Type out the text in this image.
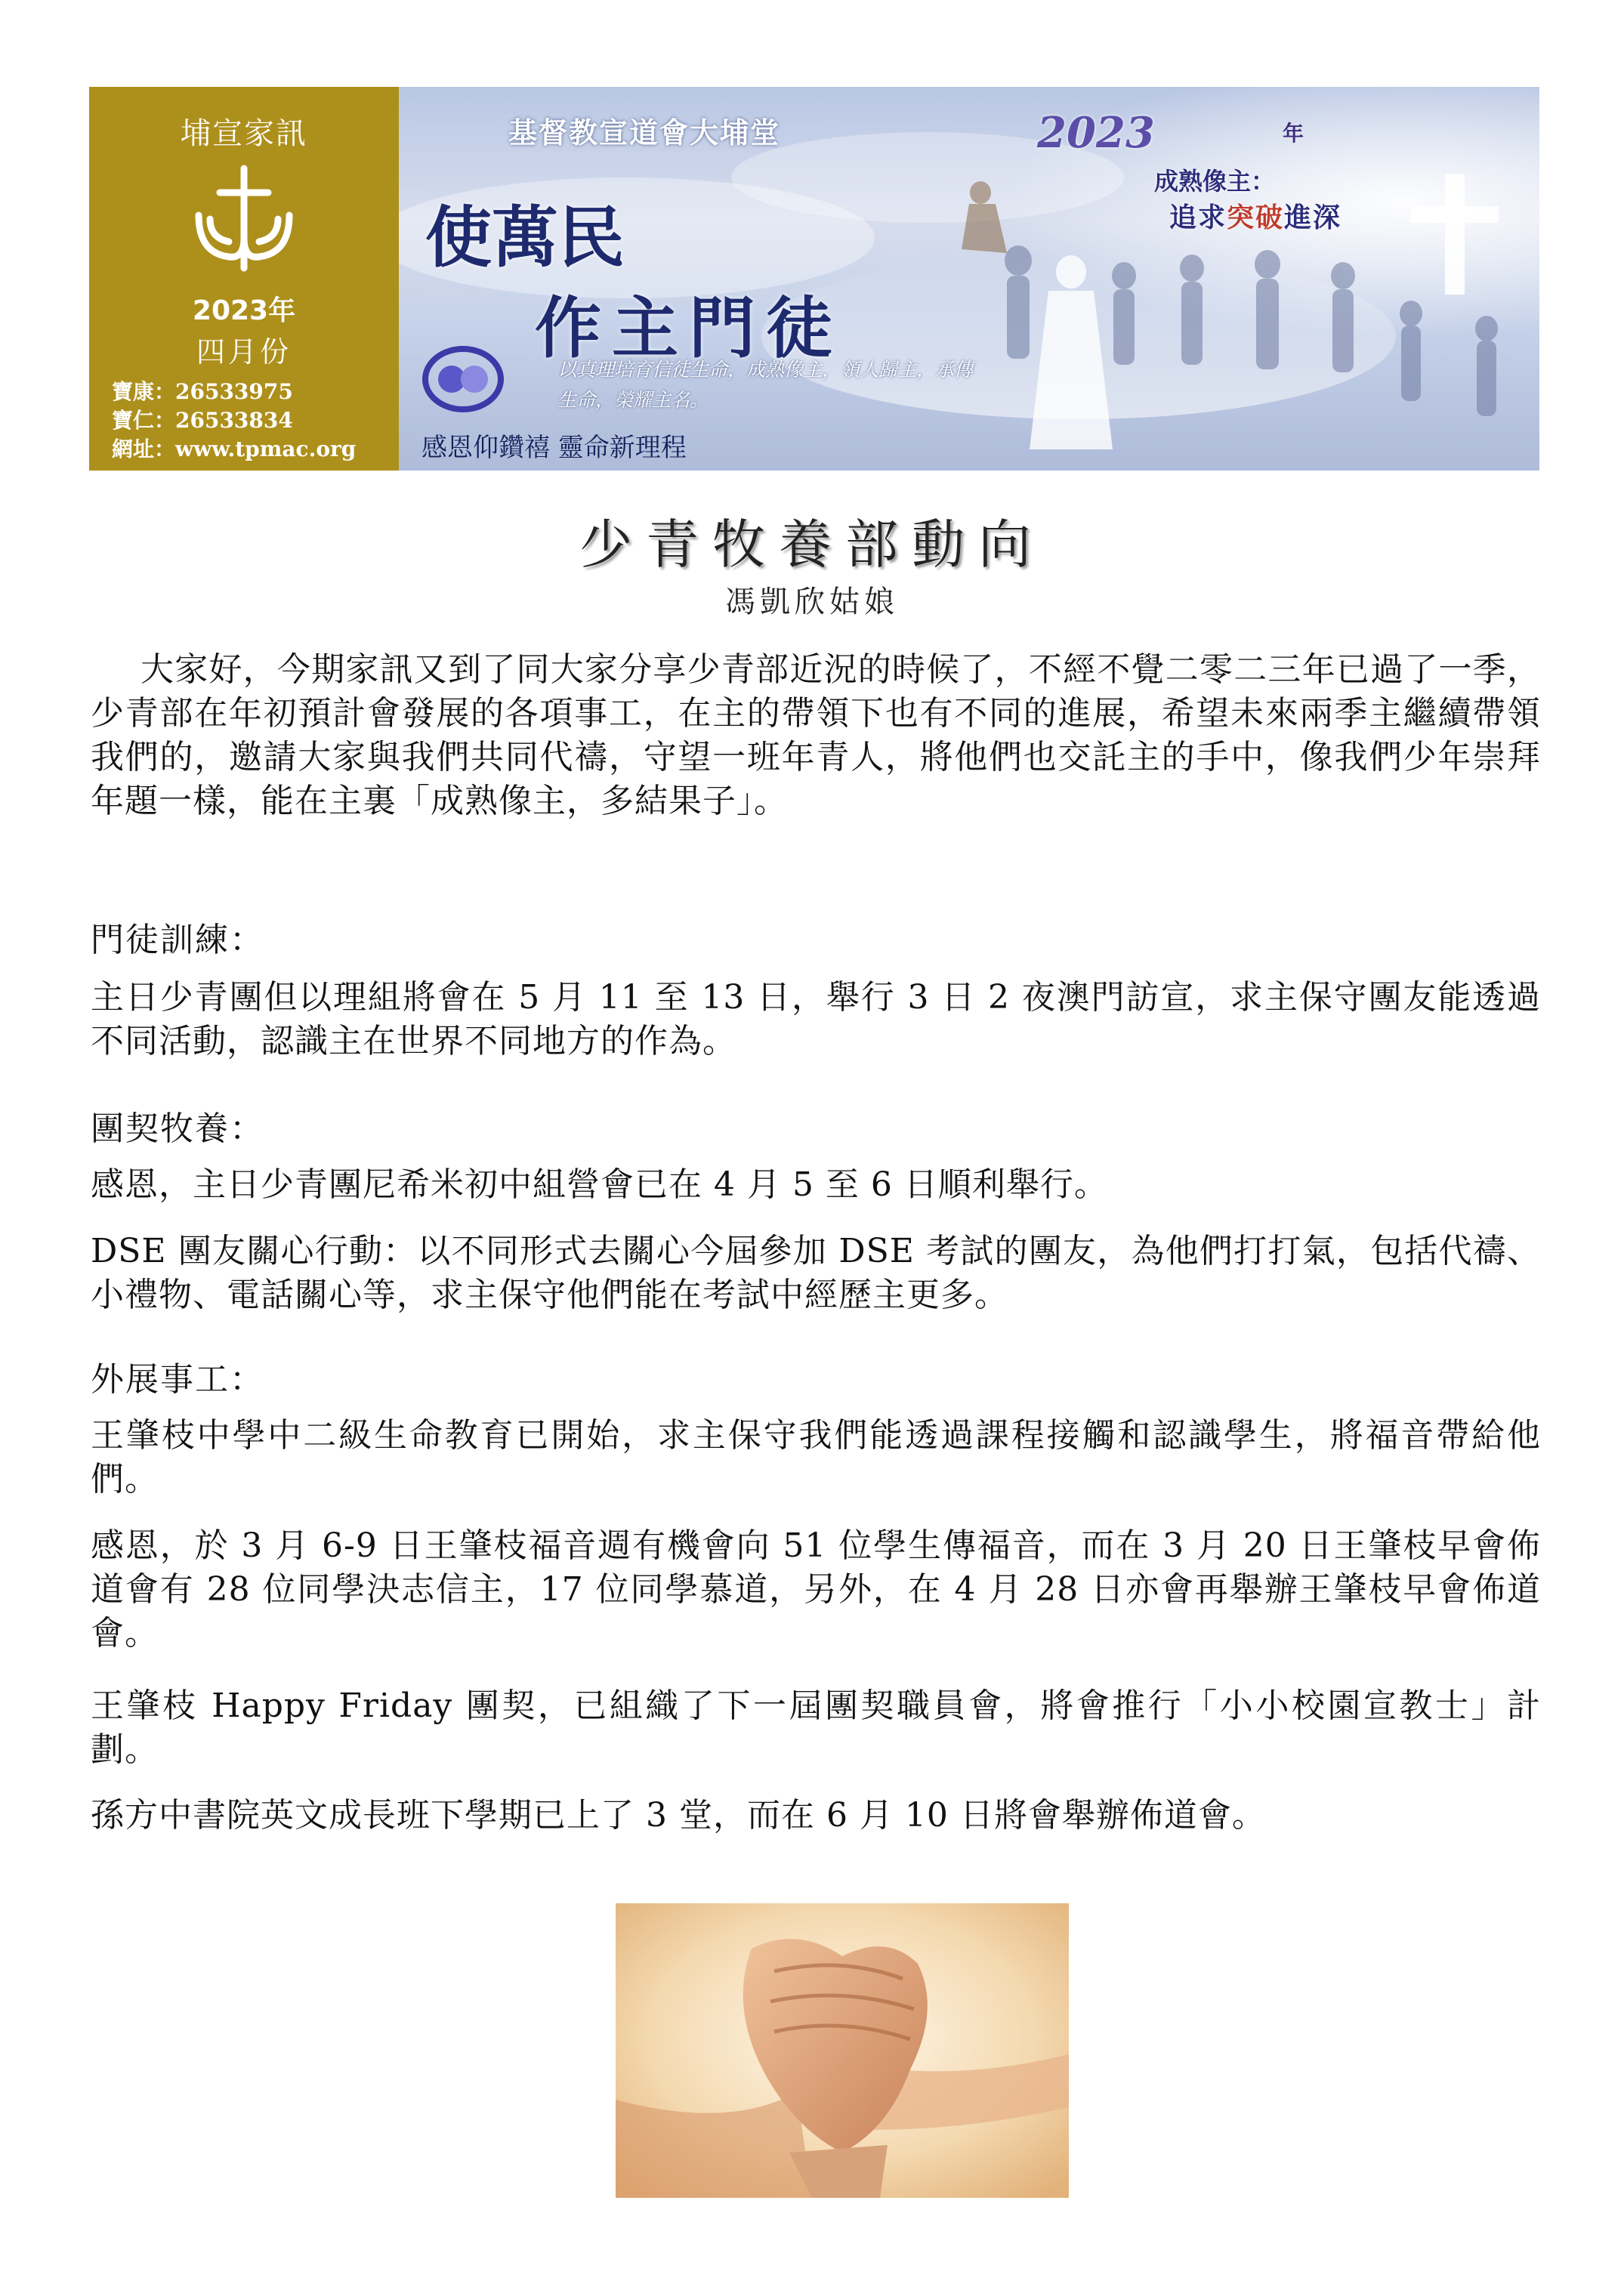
埔宣家訊
2023年
四月份
寶康：26533975
寶仁：26533834
網址：www.tpmac.org
基督教宣道會大埔堂
使萬民
作主門徒
以真理培育信徒生命，成熟像主，領人歸主，承傳生命，榮耀主名。
感恩仰鑽禧 靈命新理程
2023	年
成熟像主：
追求突破進深
少青牧養部動向
馮凱欣姑娘
大家好，今期家訊又到了同大家分享少青部近況的時候了，不經不覺二零二三年已過了一季，少青部在年初預計會發展的各項事工，在主的帶領下也有不同的進展，希望未來兩季主繼續帶領我們的，邀請大家與我們共同代禱，守望一班年青人，將他們也交託主的手中，像我們少年崇拜年題一樣，能在主裏「成熟像主，多結果子」。
門徒訓練：
主日少青團但以理組將會在 5 月 11 至 13 日，舉行 3 日 2 夜澳門訪宣，求主保守團友能透過不同活動，認識主在世界不同地方的作為。
團契牧養：
感恩，主日少青團尼希米初中組營會已在 4 月 5 至 6 日順利舉行。
DSE 團友關心行動：以不同形式去關心今屆參加 DSE 考試的團友，為他們打打氣，包括代禱、小禮物、電話關心等，求主保守他們能在考試中經歷主更多。
外展事工：
王肇枝中學中二級生命教育已開始，求主保守我們能透過課程接觸和認識學生，將福音帶給他們。
感恩，於 3 月 6-9 日王肇枝福音週有機會向 51 位學生傳福音，而在 3 月 20 日王肇枝早會佈道會有 28 位同學決志信主，17 位同學慕道，另外，在 4 月 28 日亦會再舉辦王肇枝早會佈道會。
王肇枝 Happy Friday 團契，已組織了下一屆團契職員會，將會推行「小小校園宣教士」計劃。
孫方中書院英文成長班下學期已上了 3 堂，而在 6 月 10 日將會舉辦佈道會。
